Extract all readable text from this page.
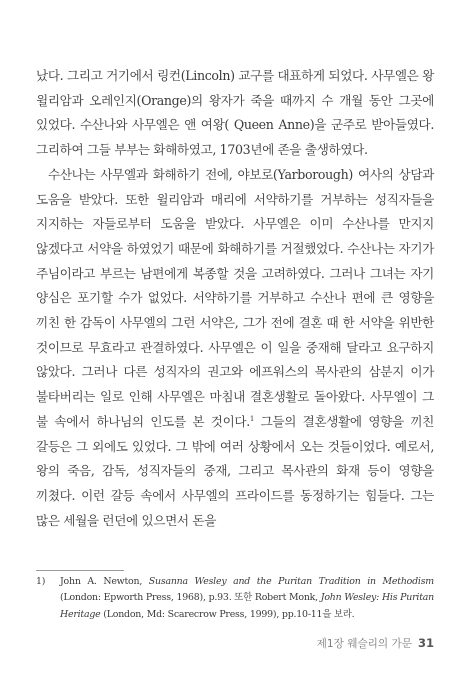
났다. 그리고 거기에서 링컨(Lincoln) 교구를 대표하게 되었다. 사무엘은 왕 윌리암과 오레인지(Orange)의 왕자가 죽을 때까지 수 개월 동안 그곳에 있었다. 수산나와 사무엘은 앤 여왕( Queen Anne)을 군주로 받아들였다. 그리하여 그들 부부는 화해하였고, 1703년에 존을 출생하였다.

수산나는 사무엘과 화해하기 전에, 야보로(Yarborough) 여사의 상담과 도움을 받았다. 또한 윌리암과 매리에 서약하기를 거부하는 성직자들을 지지하는 자들로부터 도움을 받았다. 사무엘은 이미 수산나를 만지지 않겠다고 서약을 하였었기 때문에 화해하기를 거절했었다. 수산나는 자기가 주님이라고 부르는 남편에게 복종할 것을 고려하였다. 그러나 그녀는 자기 양심은 포기할 수가 없었다. 서약하기를 거부하고 수산나 편에 큰 영향을 끼친 한 감독이 사무엘의 그런 서약은, 그가 전에 결혼 때 한 서약을 위반한 것이므로 무효라고 관결하였다. 사무엘은 이 일을 중재해 달라고 요구하지 않았다. 그러나 다른 성직자의 권고와 에프워스의 목사관의 삼분지 이가 불타버리는 일로 인해 사무엘은 마침내 결혼생활로 돌아왔다. 사무엘이 그 불 속에서 하나님의 인도를 본 것이다.$^1$ 그들의 결혼생활에 영향을 끼친 갈등은 그 외에도 있었다. 그 밖에 여러 상황에서 오는 것들이었다. 예로서, 왕의 죽음, 감독, 성직자들의 중재, 그리고 목사관의 화재 등이 영향을 끼쳤다. 이런 갈등 속에서 사무엘의 프라이드를 동정하기는 힘들다. 그는 많은 세월을 런던에 있으면서 돈을

1) John A. Newton, Susanna Wesley and the Puritan Tradition in Methodism (London: Epworth Press, 1968), p.93. 또한 Robert Monk, John Wesley: His Puritan Heritage (London, Md: Scarecrow Press, 1999), pp.10-11을 보라.
제1장 웨슬리의 가문 31
